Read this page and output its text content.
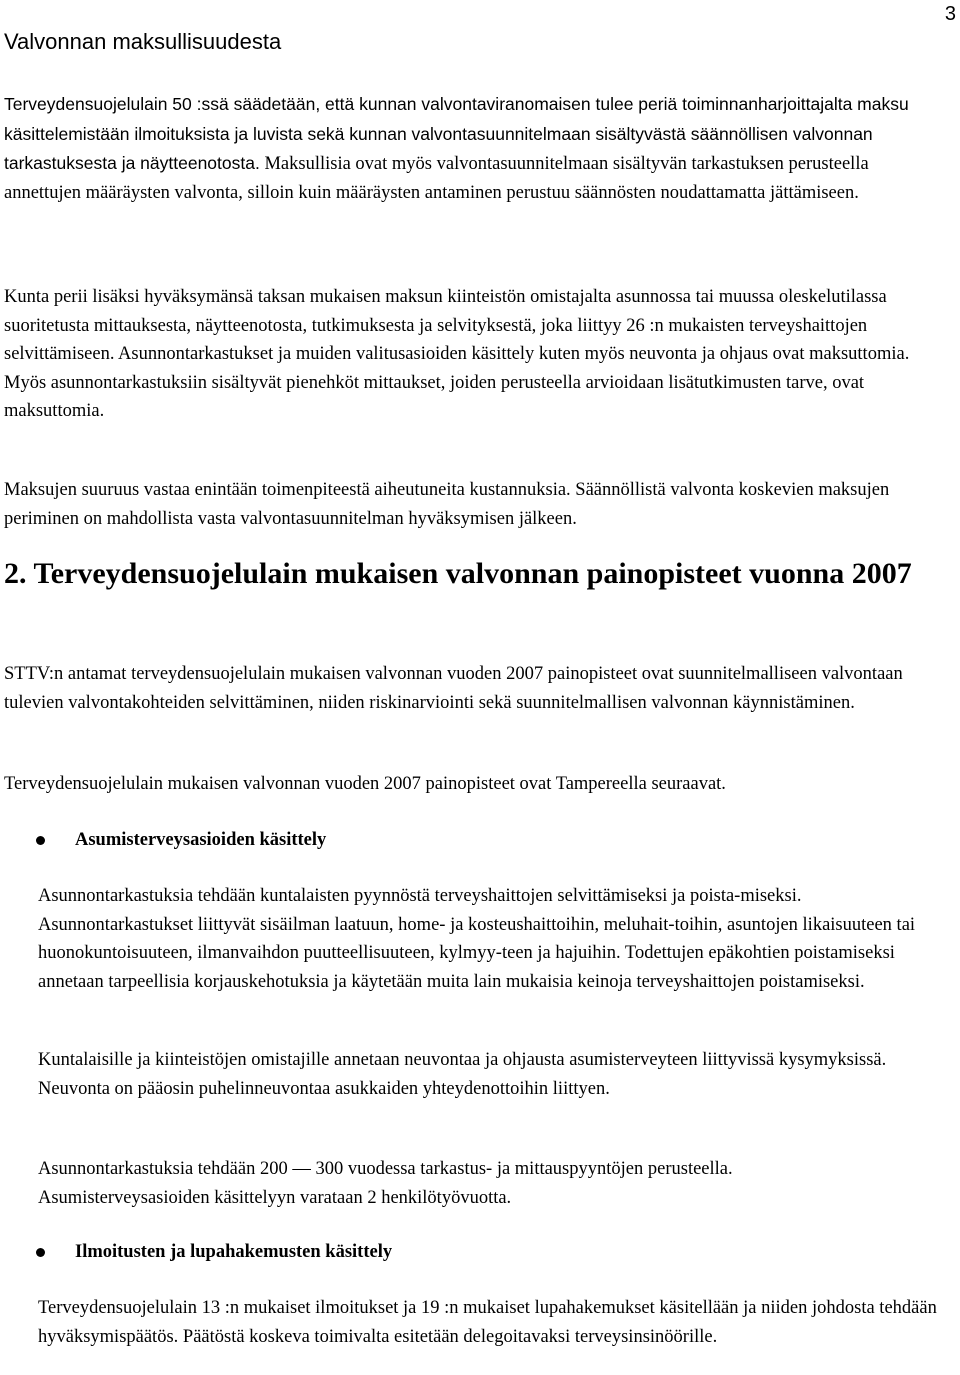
3
Valvonnan maksullisuudesta

Terveydensuojelulain 50 :ssä säädetään, että kunnan valvontaviranomaisen tulee periä toiminnanharjoittajalta maksu käsittelemistään ilmoituksista ja luvista sekä kunnan valvontasuunnitelmaan sisältyvästä säännöllisen valvonnan tarkastuksesta ja näytteenotosta. Maksullisia ovat myös valvontasuunnitelmaan sisältyvän tarkastuksen perusteella annettujen määräysten valvonta, silloin kuin määräysten antaminen perustuu säännösten noudattamatta jättämiseen.

Kunta perii lisäksi hyväksymänsä taksan mukaisen maksun kiinteistön omistajalta asunnossa tai muussa oleskelutilassa suoritetusta mittauksesta, näytteenotosta, tutkimuksesta ja selvityksestä, joka liittyy 26 :n mukaisten terveyshaittojen selvittämiseen. Asunnontarkastukset ja muiden valitusasioiden käsittely kuten myös neuvonta ja ohjaus ovat maksuttomia. Myös asunnontarkastuksiin sisältyvät pienehköt mittaukset, joiden perusteella arvioidaan lisätutkimusten tarve, ovat maksuttomia.

Maksujen suuruus vastaa enintään toimenpiteestä aiheutuneita kustannuksia. Säännöllistä valvonta koskevien maksujen periminen on mahdollista vasta valvontasuunnitelman hyväksymisen jälkeen.

2. Terveydensuojelulain mukaisen valvonnan painopisteet vuonna 2007

STTV:n antamat terveydensuojelulain mukaisen valvonnan vuoden 2007 painopisteet ovat suunnitelmalliseen valvontaan tulevien valvontakohteiden selvittäminen, niiden riskinarviointi sekä suunnitelmallisen valvonnan käynnistäminen.

Terveydensuojelulain mukaisen valvonnan vuoden 2007 painopisteet ovat Tampereella seuraavat.

Asumisterveysasioiden käsittely

Asunnontarkastuksia tehdään kuntalaisten pyynnöstä terveyshaittojen selvittämiseksi ja poista-miseksi. Asunnontarkastukset liittyvät sisäilman laatuun, home- ja kosteushaittoihin, meluhait-toihin, asuntojen likaisuuteen tai huonokuntoisuuteen, ilmanvaihdon puutteellisuuteen, kylmyy-teen ja hajuihin. Todettujen epäkohtien poistamiseksi annetaan tarpeellisia korjauskehotuksia ja käytetään muita lain mukaisia keinoja terveyshaittojen poistamiseksi.

Kuntalaisille ja kiinteistöjen omistajille annetaan neuvontaa ja ohjausta asumisterveyteen liittyvissä kysymyksissä. Neuvonta on pääosin puhelinneuvontaa asukkaiden yhteydenottoihin liittyen.

Asunnontarkastuksia tehdään 200 — 300 vuodessa tarkastus- ja mittauspyyntöjen perusteella.
Asumisterveysasioiden käsittelyyn varataan 2 henkilötyövuotta.

Ilmoitusten ja lupahakemusten käsittely

Terveydensuojelulain 13 :n mukaiset ilmoitukset ja 19 :n mukaiset lupahakemukset käsitellään ja niiden johdosta tehdään hyväksymispäätös. Päätöstä koskeva toimivalta esitetään delegoitavaksi terveysinsinöörille.
